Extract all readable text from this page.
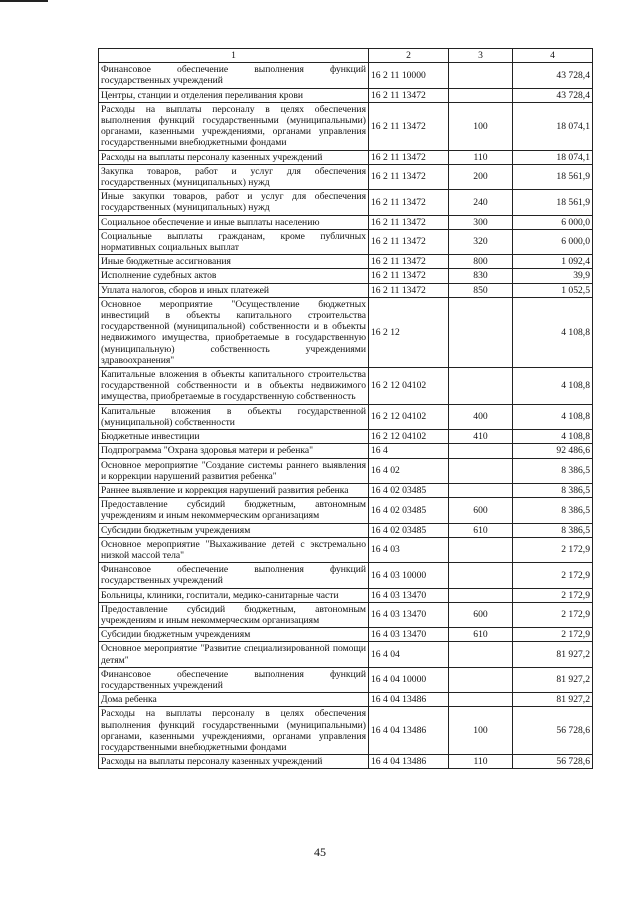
1	2	3	4
Финансовое обеспечение выполнения функций государственных учреждений	16 2 11 10000		43 728,4
Центры, станции и отделения переливания крови	16 2 11 13472		43 728,4
Расходы на выплаты персоналу в целях обеспечения выполнения функций государственными (муниципальными) органами, казенными учреждениями, органами управления государственными внебюджетными фондами	16 2 11 13472	100	18 074,1
Расходы на выплаты персоналу казенных учреждений	16 2 11 13472	110	18 074,1
Закупка товаров, работ и услуг для обеспечения государственных (муниципальных) нужд	16 2 11 13472	200	18 561,9
Иные закупки товаров, работ и услуг для обеспечения государственных (муниципальных) нужд	16 2 11 13472	240	18 561,9
Социальное обеспечение и иные выплаты населению	16 2 11 13472	300	6 000,0
Социальные выплаты гражданам, кроме публичных нормативных социальных выплат	16 2 11 13472	320	6 000,0
Иные бюджетные ассигнования	16 2 11 13472	800	1 092,4
Исполнение судебных актов	16 2 11 13472	830	39,9
Уплата налогов, сборов и иных платежей	16 2 11 13472	850	1 052,5
Основное мероприятие "Осуществление бюджетных инвестиций в объекты капитального строительства государственной (муниципальной) собственности и в объекты недвижимого имущества, приобретаемые в государственную (муниципальную) собственность учреждениями здравоохранения"	16 2 12		4 108,8
Капитальные вложения в объекты капитального строительства государственной собственности и в объекты недвижимого имущества, приобретаемые в государственную собственность	16 2 12 04102		4 108,8
Капитальные вложения в объекты государственной (муниципальной) собственности	16 2 12 04102	400	4 108,8
Бюджетные инвестиции	16 2 12 04102	410	4 108,8
Подпрограмма "Охрана здоровья матери и ребенка"	16 4		92 486,6
Основное мероприятие "Создание системы раннего выявления и коррекции нарушений развития ребенка"	16 4 02		8 386,5
Раннее выявление и коррекция нарушений развития ребенка	16 4 02 03485		8 386,5
Предоставление субсидий бюджетным, автономным учреждениям и иным некоммерческим организациям	16 4 02 03485	600	8 386,5
Субсидии бюджетным учреждениям	16 4 02 03485	610	8 386,5
Основное мероприятие "Выхаживание детей с экстремально низкой массой тела"	16 4 03		2 172,9
Финансовое обеспечение выполнения функций государственных учреждений	16 4 03 10000		2 172,9
Больницы, клиники, госпитали, медико-санитарные части	16 4 03 13470		2 172,9
Предоставление субсидий бюджетным, автономным учреждениям и иным некоммерческим организациям	16 4 03 13470	600	2 172,9
Субсидии бюджетным учреждениям	16 4 03 13470	610	2 172,9
Основное мероприятие "Развитие специализированной помощи детям"	16 4 04		81 927,2
Финансовое обеспечение выполнения функций государственных учреждений	16 4 04 10000		81 927,2
Дома ребенка	16 4 04 13486		81 927,2
Расходы на выплаты персоналу в целях обеспечения выполнения функций государственными (муниципальными) органами, казенными учреждениями, органами управления государственными внебюджетными фондами	16 4 04 13486	100	56 728,6
Расходы на выплаты персоналу казенных учреждений	16 4 04 13486	110	56 728,6
45
